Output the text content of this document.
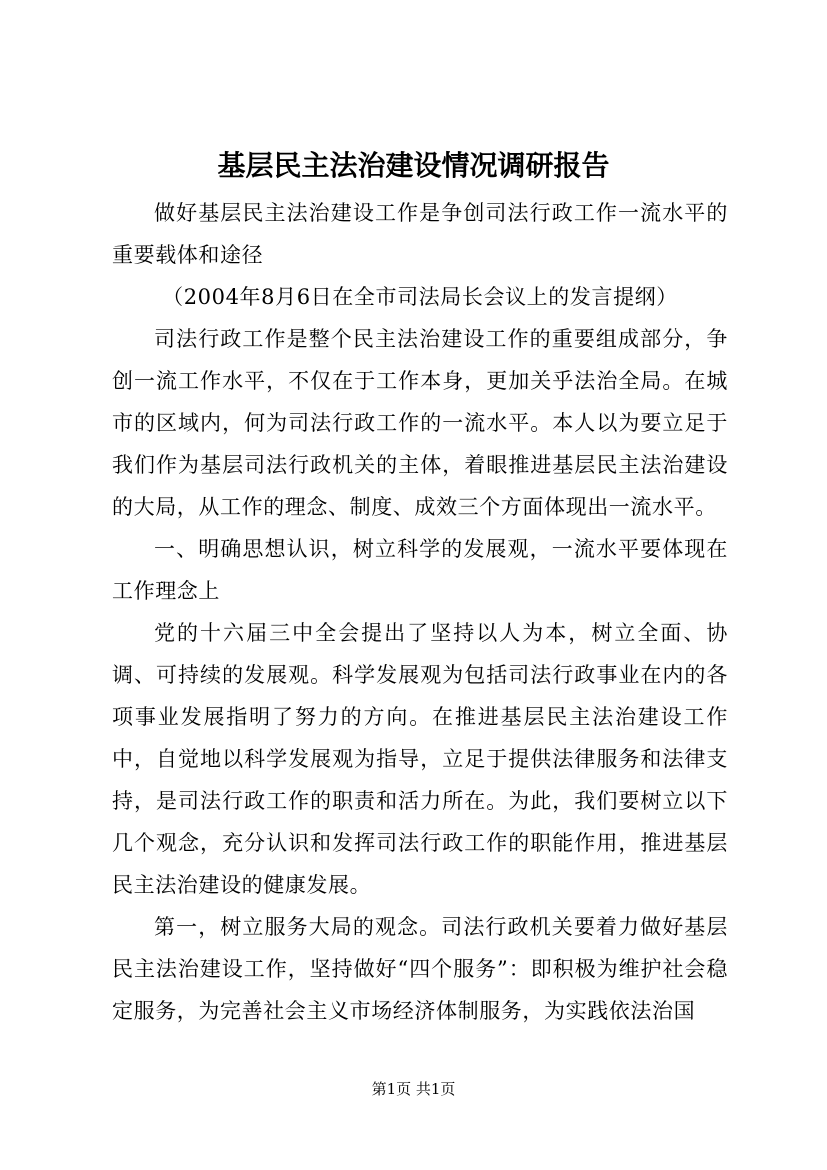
基层民主法治建设情况调研报告

做好基层民主法治建设工作是争创司法行政工作一流水平的重要载体和途径

（2004年8月6日在全市司法局长会议上的发言提纲）

司法行政工作是整个民主法治建设工作的重要组成部分，争创一流工作水平，不仅在于工作本身，更加关乎法治全局。在城市的区域内，何为司法行政工作的一流水平。本人以为要立足于我们作为基层司法行政机关的主体，着眼推进基层民主法治建设的大局，从工作的理念、制度、成效三个方面体现出一流水平。

一、明确思想认识，树立科学的发展观，一流水平要体现在工作理念上

党的十六届三中全会提出了坚持以人为本，树立全面、协调、可持续的发展观。科学发展观为包括司法行政事业在内的各项事业发展指明了努力的方向。在推进基层民主法治建设工作中，自觉地以科学发展观为指导，立足于提供法律服务和法律支持，是司法行政工作的职责和活力所在。为此，我们要树立以下几个观念，充分认识和发挥司法行政工作的职能作用，推进基层民主法治建设的健康发展。

第一，树立服务大局的观念。司法行政机关要着力做好基层民主法治建设工作，坚持做好“四个服务”：即积极为维护社会稳定服务，为完善社会主义市场经济体制服务，为实践依法治国

第1页 共1页
